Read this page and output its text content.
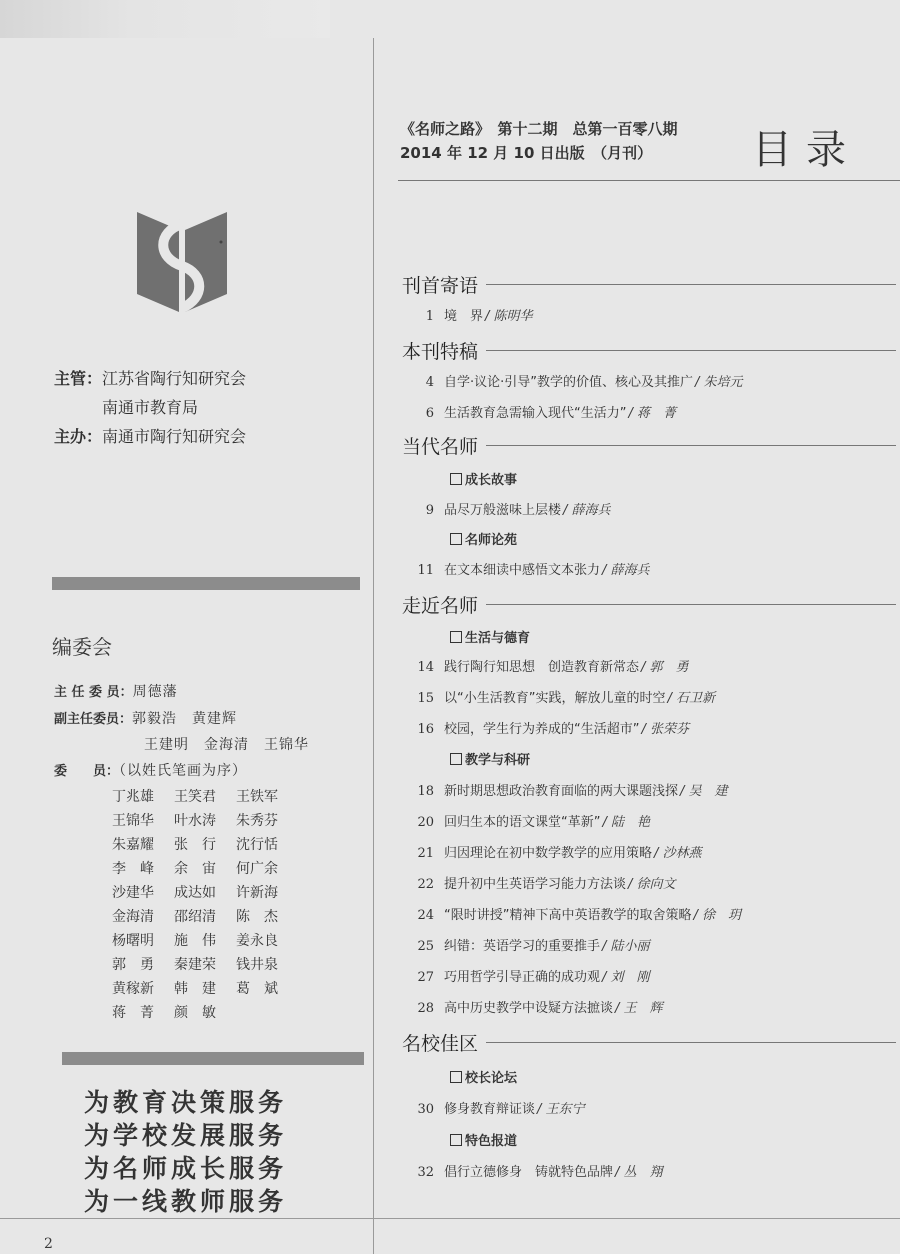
主管：江苏省陶行知研究会
南通市教育局
主办：南通市陶行知研究会
编委会
主 任 委 员：周德藩
副主任委员：郭毅浩　黄建辉
王建明　金海清　王锦华
委　　员：（以姓氏笔画为序）
丁兆雄	王笑君	王铁军
王锦华	叶水涛	朱秀芬
朱嘉耀	张　行	沈行恬
李　峰	余　宙	何广余
沙建华	成达如	许新海
金海清	邵绍清	陈　杰
杨曙明	施　伟	姜永良
郭　勇	秦建荣	钱井泉
黄稼新	韩　建	葛　斌
蒋　菁	颜　敏
为教育决策服务
为学校发展服务
为名师成长服务
为一线教师服务
2
《名师之路》　第十二期　总第一百零八期
2014 年 12 月 10 日出版　（月刊） 目录
刊首寄语
1 境　界 / 陈明华
本刊特稿
4 自学·议论·引导”教学的价值、核心及其推广 / 朱培元
6 生活教育急需输入现代“生活力” / 蒋　菁
当代名师
成长故事
9 品尽万般滋味上层楼 / 薛海兵
名师论苑
11 在文本细读中感悟文本张力 / 薛海兵
走近名师
生活与德育
14 践行陶行知思想　创造教育新常态 / 郭　勇
15 以“小生活教育”实践，解放儿童的时空 / 石卫新
16 校园，学生行为养成的“生活超市” / 张荣芬
教学与科研
18 新时期思想政治教育面临的两大课题浅探 / 吴　建
20 回归生本的语文课堂“革新” / 陆　艳
21 归因理论在初中数学教学的应用策略 / 沙林燕
22 提升初中生英语学习能力方法谈 / 徐向文
24 “限时讲授”精神下高中英语教学的取舍策略 / 徐　玥
25 纠错：英语学习的重要推手 / 陆小丽
27 巧用哲学引导正确的成功观 / 刘　刚
28 高中历史教学中设疑方法摭谈 / 王　辉
名校佳区
校长论坛
30 修身教育辩证谈 / 王东宁
特色报道
32 倡行立德修身　铸就特色品牌 / 丛　翔
